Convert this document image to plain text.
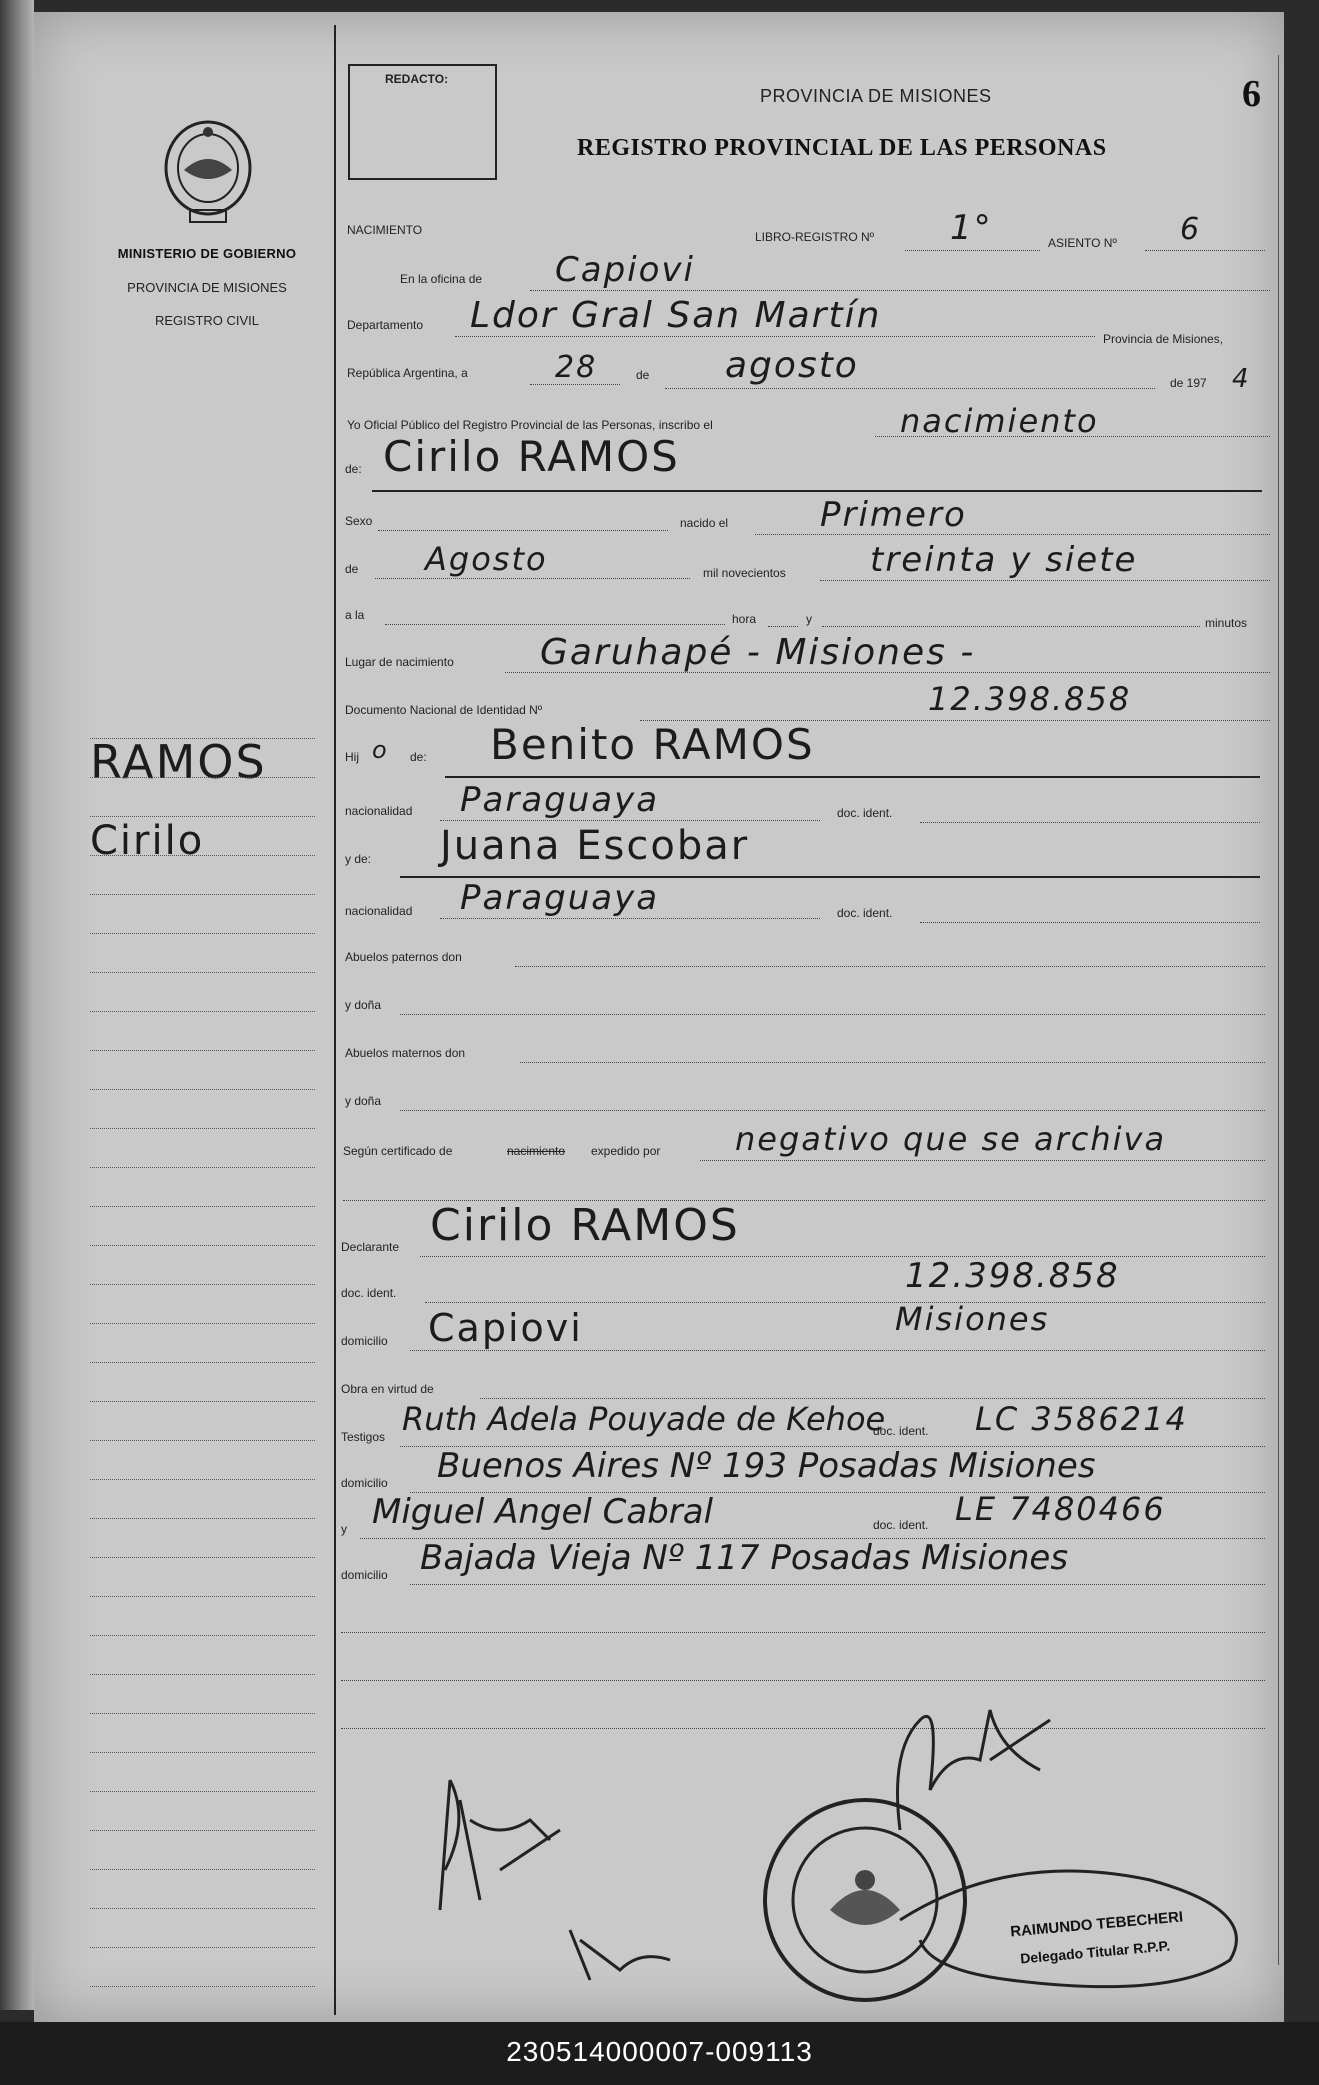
MINISTERIO DE GOBIERNO
PROVINCIA DE MISIONES
REGISTRO CIVIL
RAMOS
Cirilo
REDACTO:
PROVINCIA DE MISIONES
REGISTRO PROVINCIAL DE LAS PERSONAS
6
NACIMIENTO	LIBRO-REGISTRO Nº 1°	ASIENTO Nº 6
En la oficina de Capiovi
Departamento Ldor Gral San Martín
Provincia de Misiones,
República Argentina, a	28	de agosto	de 197 4
Yo Oficial Público del Registro Provincial de las Personas, inscribo el	nacimiento
de: Cirilo RAMOS
Sexo	nacido el	Primero
de Agosto	mil novecientos treinta y siete
a la	hora	y	minutos
Lugar de nacimiento Garuhapé - Misiones -
Documento Nacional de Identidad Nº	12.398.858
Hij o de: Benito RAMOS
nacionalidad Paraguaya	doc. ident.
y de: Juana Escobar
nacionalidad Paraguaya	doc. ident.
Abuelos paternos don
y doña
Abuelos maternos don
y doña
Según certificado de	nacimiento expedido por negativo que se archiva
Declarante Cirilo RAMOS
doc. ident.	12.398.858
domicilio Capiovi	Misiones
Obra en virtud de
Testigos Ruth Adela Pouyade de Kehoe
doc. ident. LC 3586214
domicilio Buenos Aires Nº 193 Posadas Misiones
y Miguel Angel Cabral	doc. ident. LE 7480466
domicilio Bajada Vieja Nº 117 Posadas Misiones
RAIMUNDO TEBECHERI
Delegado Titular R.P.P.
230514000007-009113
